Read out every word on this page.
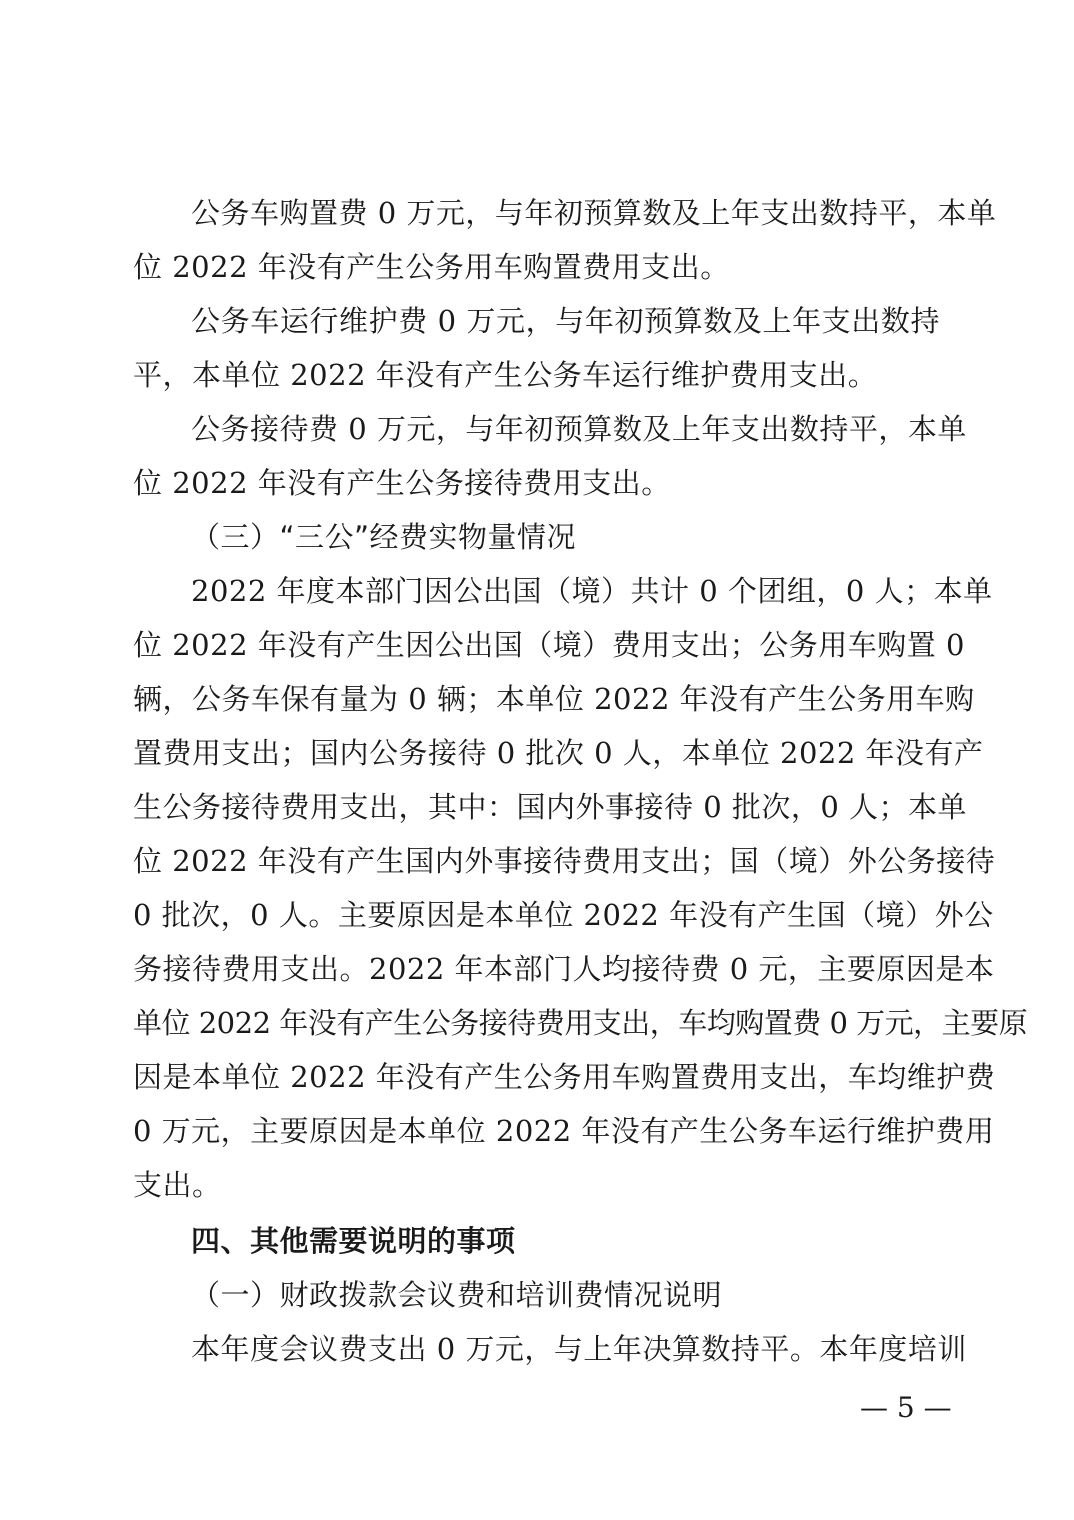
公务车购置费 0 万元，与年初预算数及上年支出数持平，本单
位 2022 年没有产生公务用车购置费用支出。
公务车运行维护费 0 万元，与年初预算数及上年支出数持
平，本单位 2022 年没有产生公务车运行维护费用支出。
公务接待费 0 万元，与年初预算数及上年支出数持平，本单
位 2022 年没有产生公务接待费用支出。
（三）“三公”经费实物量情况
2022 年度本部门因公出国（境）共计 0 个团组，0 人；本单
位 2022 年没有产生因公出国（境）费用支出；公务用车购置 0
辆，公务车保有量为 0 辆；本单位 2022 年没有产生公务用车购
置费用支出；国内公务接待 0 批次 0 人，本单位 2022 年没有产
生公务接待费用支出，其中：国内外事接待 0 批次，0 人；本单
位 2022 年没有产生国内外事接待费用支出；国（境）外公务接待
0 批次，0 人。主要原因是本单位 2022 年没有产生国（境）外公
务接待费用支出。2022 年本部门人均接待费 0 元，主要原因是本
单位 2022 年没有产生公务接待费用支出，车均购置费 0 万元，主要原
因是本单位 2022 年没有产生公务用车购置费用支出，车均维护费
0 万元，主要原因是本单位 2022 年没有产生公务车运行维护费用
支出。
四、其他需要说明的事项
（一）财政拨款会议费和培训费情况说明
本年度会议费支出 0 万元，与上年决算数持平。本年度培训
— 5 —
